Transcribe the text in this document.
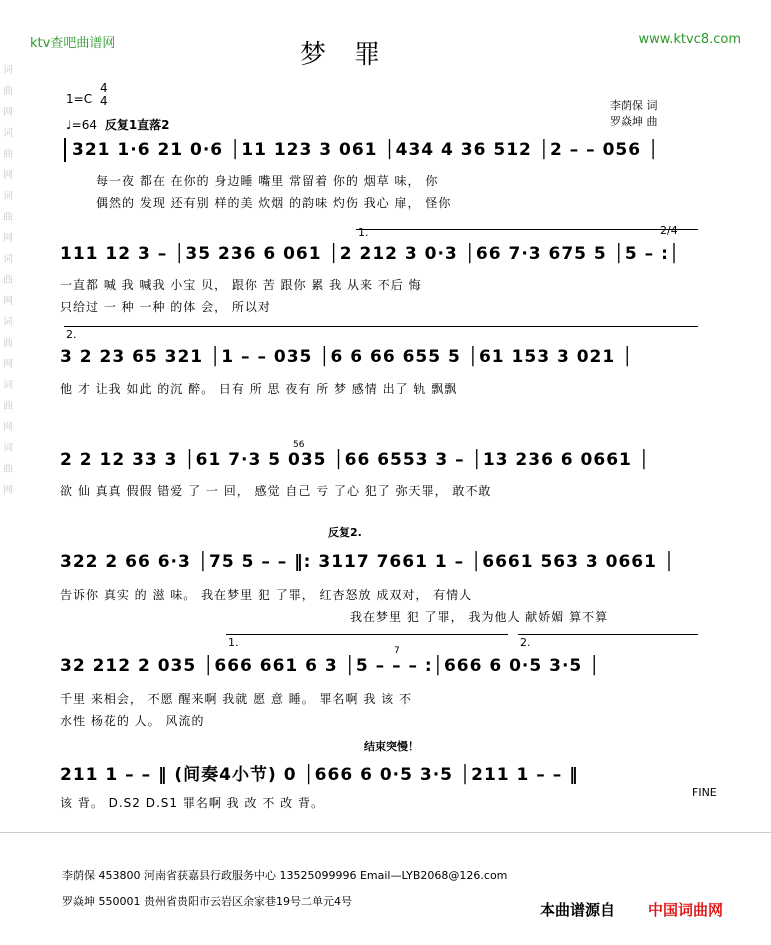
词曲网词曲网词曲网词曲网词曲网词曲网词曲网
ktv查吧曲谱网	www.ktvc8.com
梦罪
1=C
4
4
♩=64 反复1直落2
李荫保 词
罗焱坤 曲
321 1·6 21 0·6 │11 123 3 061 │434 4 36 512 │2 – – 056 │
每一夜 都在 在你的 身边睡 嘴里 常留着 你的 烟草 味， 你
偶然的 发现 还有别 样的美 炊烟 的韵味 灼伤 我心 扉， 怪你
1.	2/4
111 12 3 – │35 236 6 061 │2 212 3 0·3 │66 7·3 675 5 │5 – :│
一直都 喊 我 喊我 小宝 贝， 跟你 苦 跟你 累 我 从来 不后 悔
只给过 一 种 一种 的体 会， 所以对
2.
3 2 23 65 321 │1 – – 035 │6 6 66 655 5 │61 153 3 021 │
他 才 让我 如此 的沉 醉。 日有 所 思 夜有 所 梦 感情 出了 轨 飘飘
56
2 2 12 33 3 │61 7·3 5 035 │66 6553 3 – │13 236 6 0661 │
欲 仙 真真 假假 错爱 了 一 回， 感觉 自己 亏 了心 犯了 弥天罪， 敢不敢
反复2.
322 2 66 6·3 │75 5 – – ‖: 3117 7661 1 – │6661 563 3 0661 │
告诉你 真实 的 滋 味。 我在梦里 犯 了罪， 红杏怒放 成双对， 有情人
我在梦里 犯 了罪， 我为他人 献娇媚 算不算
1.	2.
7
32 212 2 035 │666 661 6 3 │5 – – – :│666 6 0·5 3·5 │
千里 来相会， 不愿 醒来啊 我就 愿 意 睡。 罪名啊 我 该 不
水性 杨花的 人。 风流的
结束突慢！
211 1 – – ‖ (间奏4小节) 0 │666 6 0·5 3·5 │211 1 – – ‖
FINE
该 背。 D.S2 D.S1 罪名啊 我 改 不 改 背。
李荫保 453800 河南省获嘉县行政服务中心 13525099996 Email—LYB2068@126.com
罗焱坤 550001 贵州省贵阳市云岩区余家巷19号二单元4号	本曲谱源自 中国词曲网
